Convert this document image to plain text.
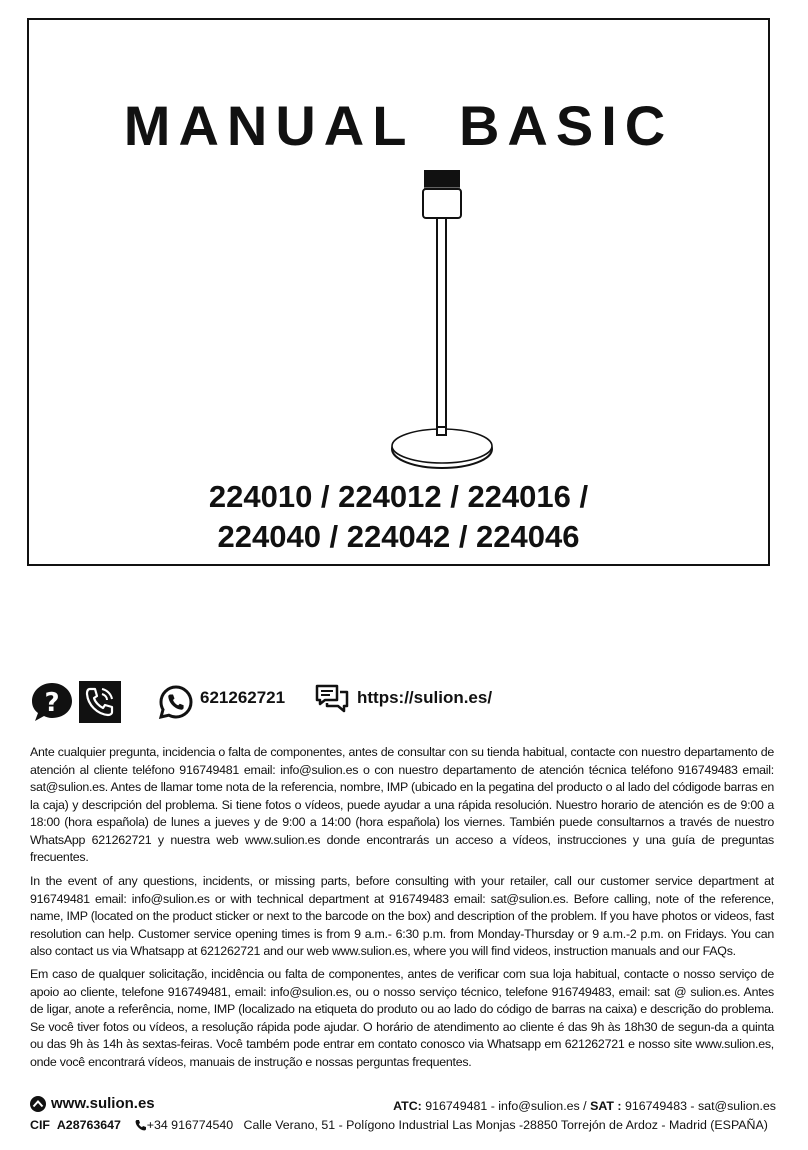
MANUAL BASIC
224010 / 224012 / 224016 /
224040 / 224042 / 224046
?	621262721	https://sulion.es/
Ante cualquier pregunta, incidencia o falta de componentes, antes de consultar con su tienda habitual, contacte con nuestro departamento de atención al cliente teléfono 916749481 email: info@sulion.es o con nuestro departamento de atención técnica teléfono 916749483 email: sat@sulion.es. Antes de llamar tome nota de la referencia, nombre, IMP (ubicado en la pegatina del producto o al lado del códigode barras en la caja) y descripción del problema. Si tiene fotos o vídeos, puede ayudar a una rápida resolución. Nuestro horario de atención es de 9:00 a 18:00 (hora española) de lunes a jueves y de 9:00 a 14:00 (hora española) los viernes. También puede consultarnos a través de nuestro WhatsApp 621262721 y nuestra web www.sulion.es donde encontrarás un acceso a vídeos, instrucciones y una guía de preguntas frecuentes.
In the event of any questions, incidents, or missing parts, before consulting with your retailer, call our customer service department at 916749481 email: info@sulion.es or with technical department at 916749483 email: sat@sulion.es. Before calling, note of the reference, name, IMP (located on the product sticker or next to the barcode on the box) and description of the problem. If you have photos or videos, fast resolution can help. Customer service opening times is from 9 a.m.- 6:30 p.m. from Monday-Thursday or 9 a.m.-2 p.m. on Fridays. You can also contact us via Whatsapp at 621262721 and our web www.sulion.es, where you will find videos, instruction manuals and our FAQs.
Em caso de qualquer solicitação, incidência ou falta de componentes, antes de verificar com sua loja habitual, contacte o nosso serviço de apoio ao cliente, telefone 916749481, email: info@sulion.es, ou o nosso serviço técnico, telefone 916749483, email: sat @ sulion.es. Antes de ligar, anote a referência, nome, IMP (localizado na etiqueta do produto ou ao lado do código de barras na caixa) e descrição do problema. Se você tiver fotos ou vídeos, a resolução rápida pode ajudar. O horário de atendimento ao cliente é das 9h às 18h30 de segun-da a quinta ou das 9h às 14h às sextas-feiras. Você também pode entrar em contato conosco via Whatsapp em 621262721 e nosso site www.sulion.es, onde você encontrará vídeos, manuais de instrução e nossas perguntas frequentes.
www.sulion.es	ATC: 916749481 - info@sulion.es / SAT : 916749483 - sat@sulion.es
CIF
A28763647
+34 916774540
Calle Verano, 51 - Polígono Industrial Las Monjas -28850 Torrejón de Ardoz - Madrid (ESPAÑA)
